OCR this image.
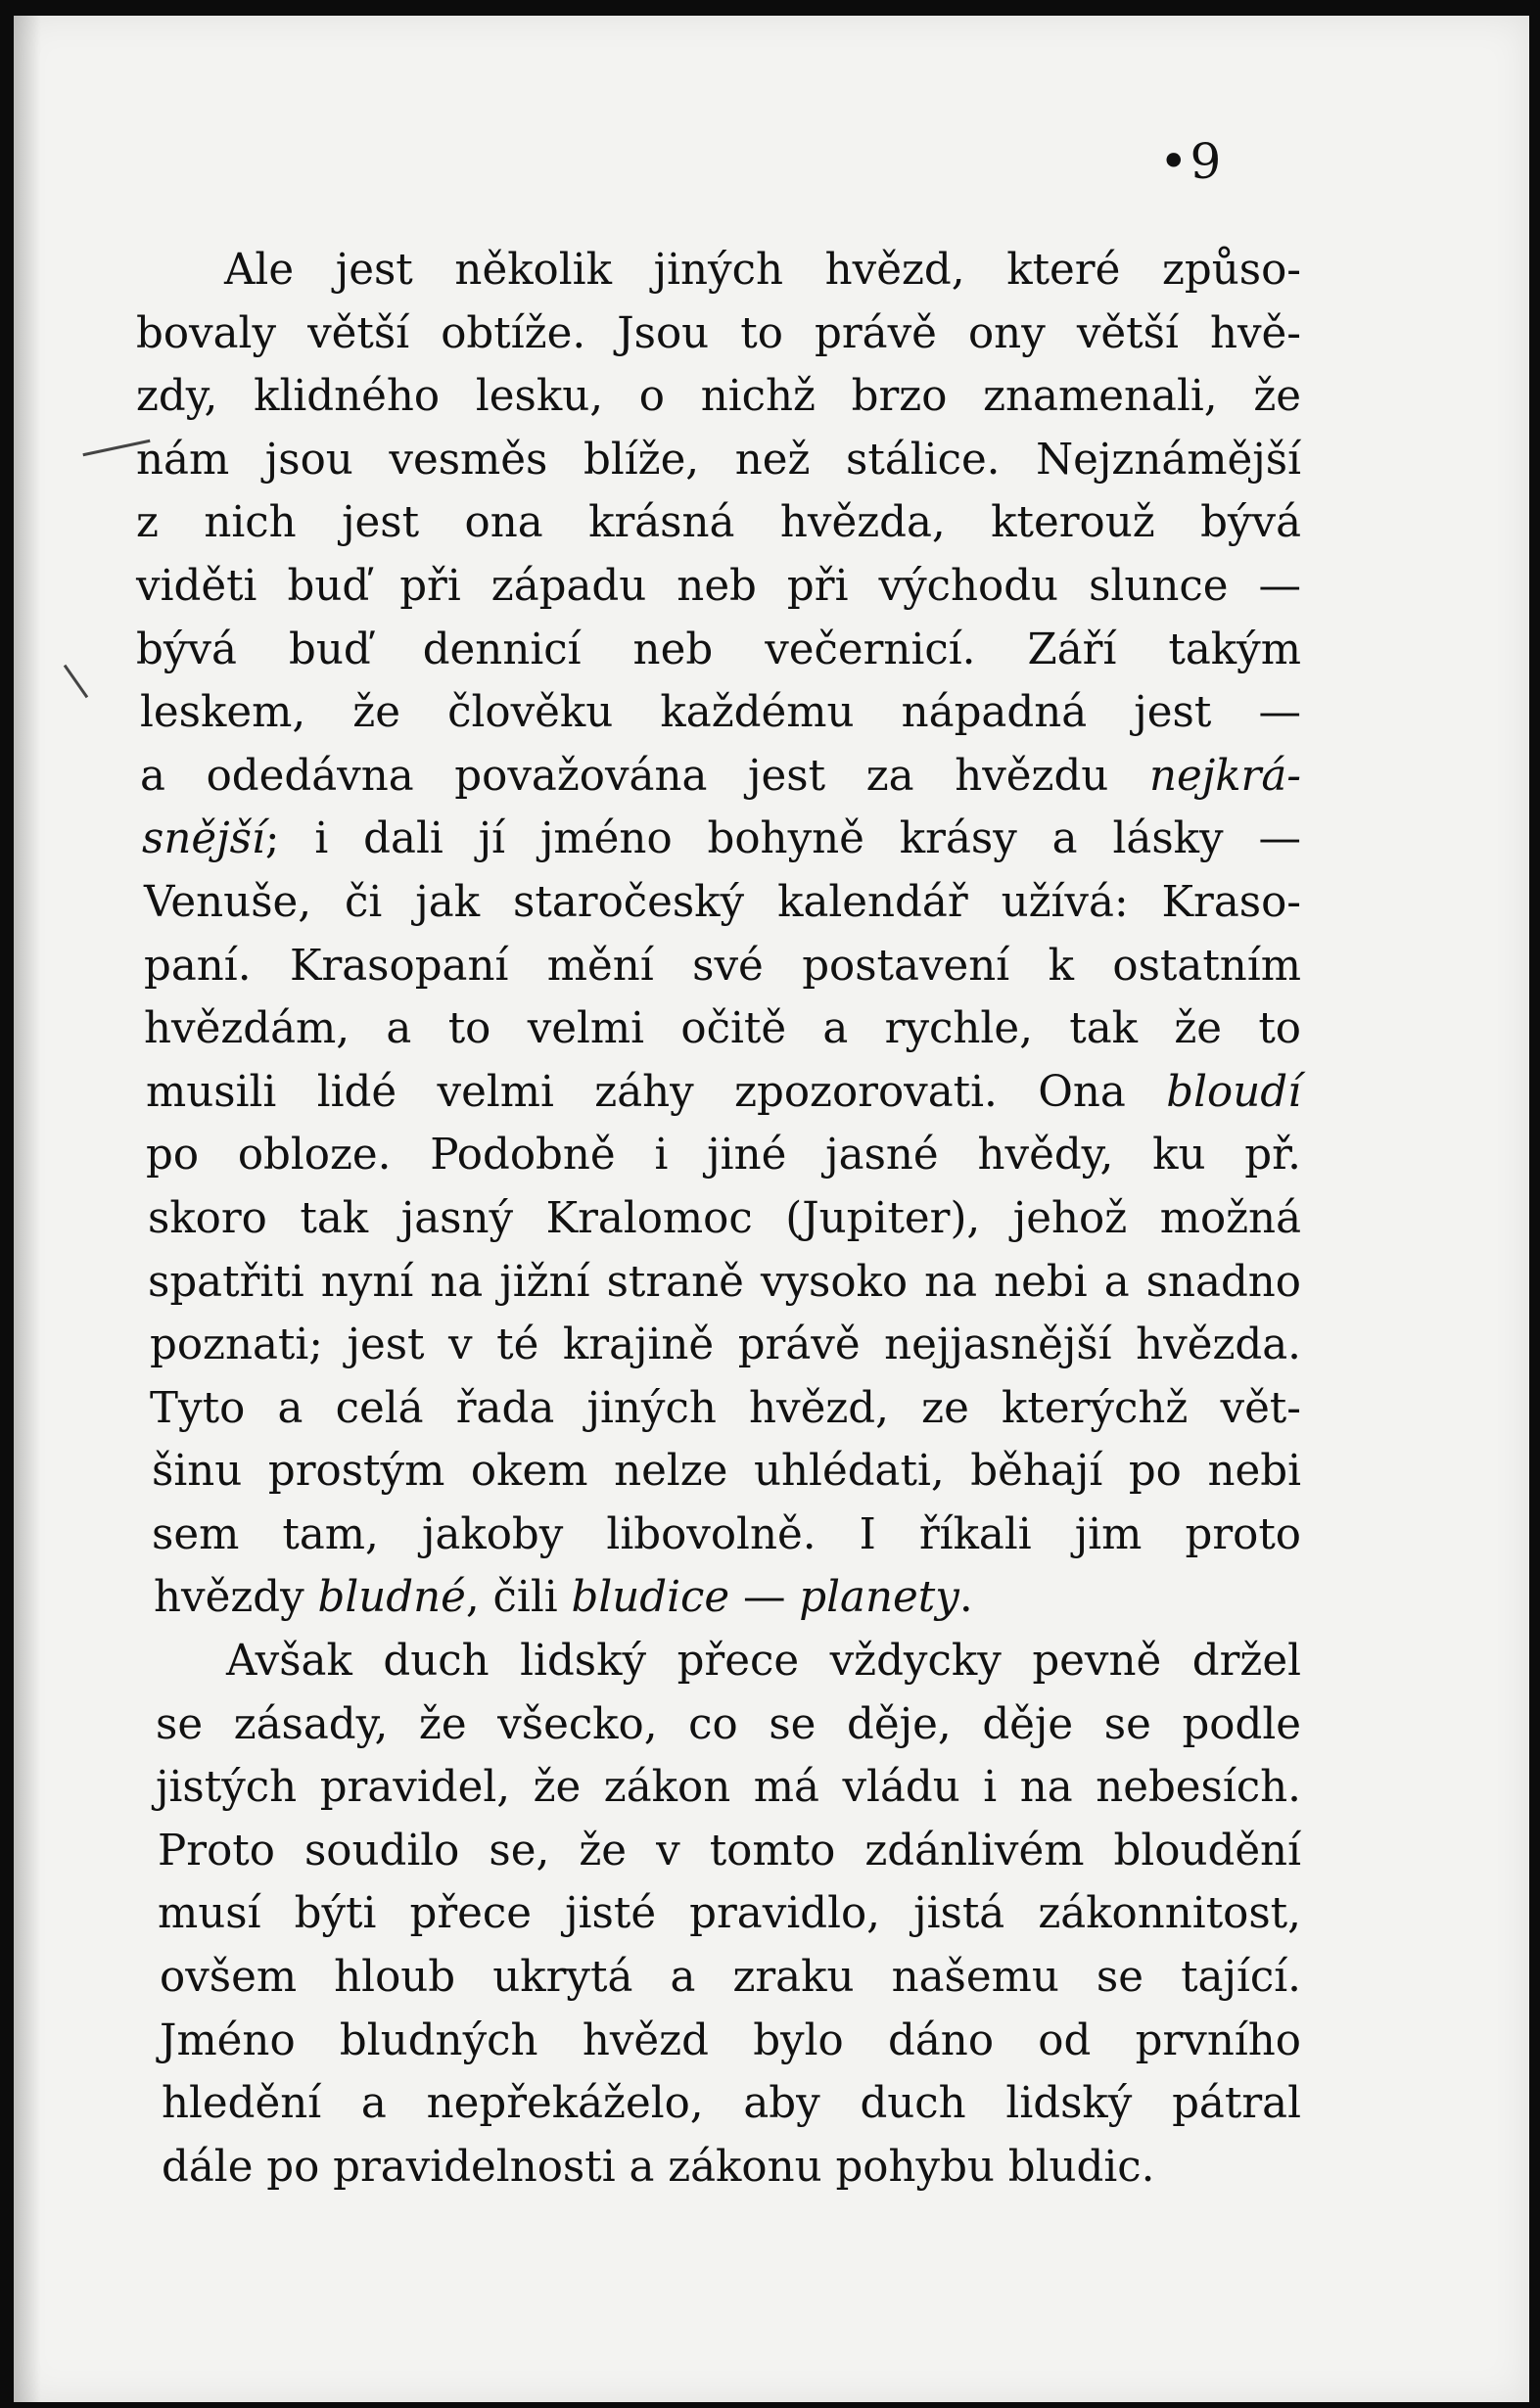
•9
Ale jest několik jiných hvězd, které způso-
bovaly větší obtíže. Jsou to právě ony větší hvě-
zdy, klidného lesku, o nichž brzo znamenali, že
nám jsou vesměs blíže, než stálice. Nejznámější
z nich jest ona krásná hvězda, kterouž bývá
viděti buď při západu neb při východu slunce —
bývá buď dennicí neb večernicí. Září takým
leskem, že člověku každému nápadná jest —
a odedávna považována jest za hvězdu nejkrá-
snější; i dali jí jméno bohyně krásy a lásky —
Venuše, či jak staročeský kalendář užívá: Kraso-
paní. Krasopaní mění své postavení k ostatním
hvězdám, a to velmi očitě a rychle, tak že to
musili lidé velmi záhy zpozorovati. Ona bloudí
po obloze. Podobně i jiné jasné hvědy, ku př.
skoro tak jasný Kralomoc (Jupiter), jehož možná
spatřiti nyní na jižní straně vysoko na nebi a snadno
poznati; jest v té krajině právě nejjasnější hvězda.
Tyto a celá řada jiných hvězd, ze kterýchž vět-
šinu prostým okem nelze uhlédati, běhají po nebi
sem tam, jakoby libovolně. I říkali jim proto
hvězdy bludné, čili bludice — planety.
Avšak duch lidský přece vždycky pevně držel
se zásady, že všecko, co se děje, děje se podle
jistých pravidel, že zákon má vládu i na nebesích.
Proto soudilo se, že v tomto zdánlivém bloudění
musí býti přece jisté pravidlo, jistá zákonnitost,
ovšem hloub ukrytá a zraku našemu se tající.
Jméno bludných hvězd bylo dáno od prvního
hledění a nepřekáželo, aby duch lidský pátral
dále po pravidelnosti a zákonu pohybu bludic.
